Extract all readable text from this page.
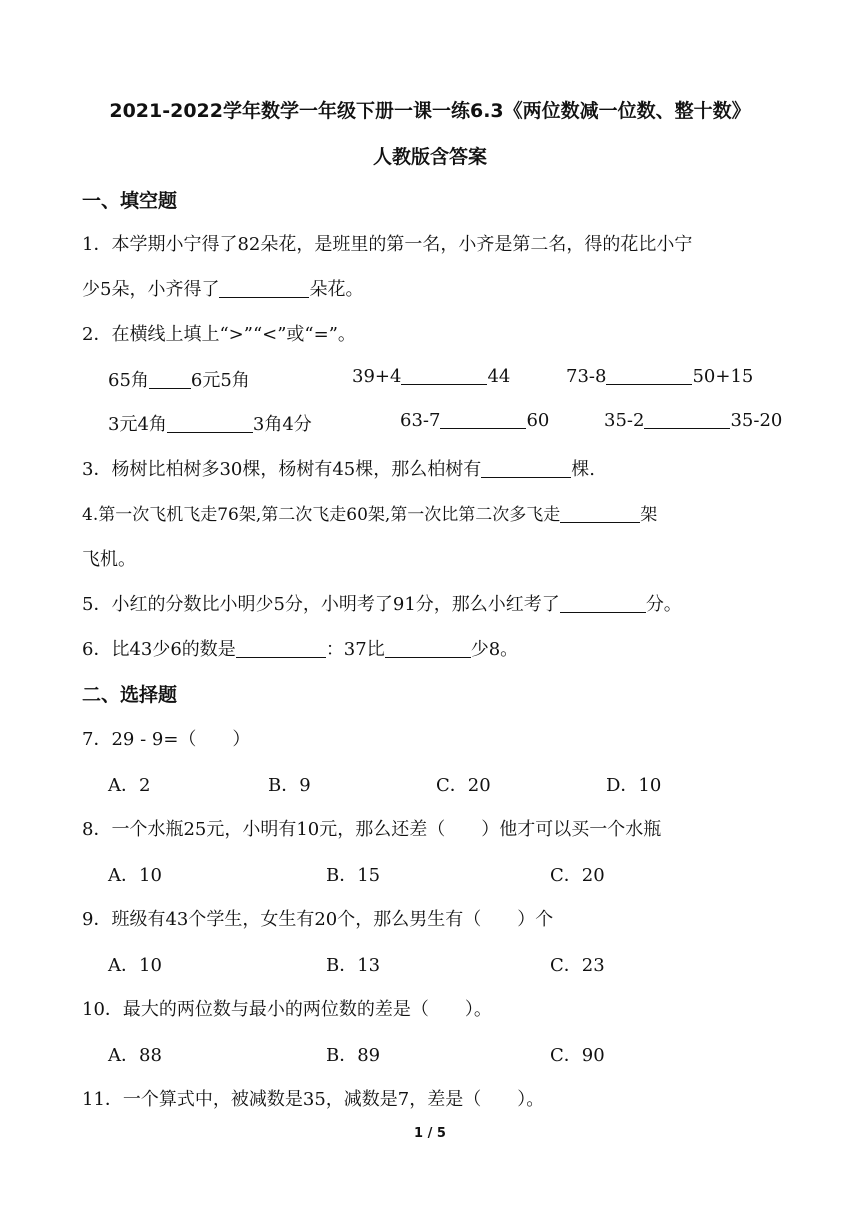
2021-2022学年数学一年级下册一课一练6.3《两位数减一位数、整十数》
人教版含答案
一、填空题
1．本学期小宁得了82朵花，是班里的第一名，小齐是第二名，得的花比小宁
少5朵，小齐得了	朵花。
2．在横线上填上“>”“<”或“=”。
65角 6元5角	39+4	44	73-8	50+15
3元4角	3角4分	63-7	60	35-2	35-20
3．杨树比柏树多30棵，杨树有45棵，那么柏树有	棵.
4.第一次飞机飞走76架,第二次飞走60架,第一次比第二次多飞走	架
飞机。
5．小红的分数比小明少5分，小明考了91分，那么小红考了	分。
6．比43少6的数是	：37比	少8。
二、选择题
7．29 - 9=（　　）
A．2	B．9	C．20	D．10
8．一个水瓶25元，小明有10元，那么还差（　　）他才可以买一个水瓶
A．10	B．15	C．20
9．班级有43个学生，女生有20个，那么男生有（　　）个
A．10	B．13	C．23
10．最大的两位数与最小的两位数的差是（　　）。
A．88	B．89	C．90
11．一个算式中，被减数是35，减数是7，差是（　　）。
1 / 5
